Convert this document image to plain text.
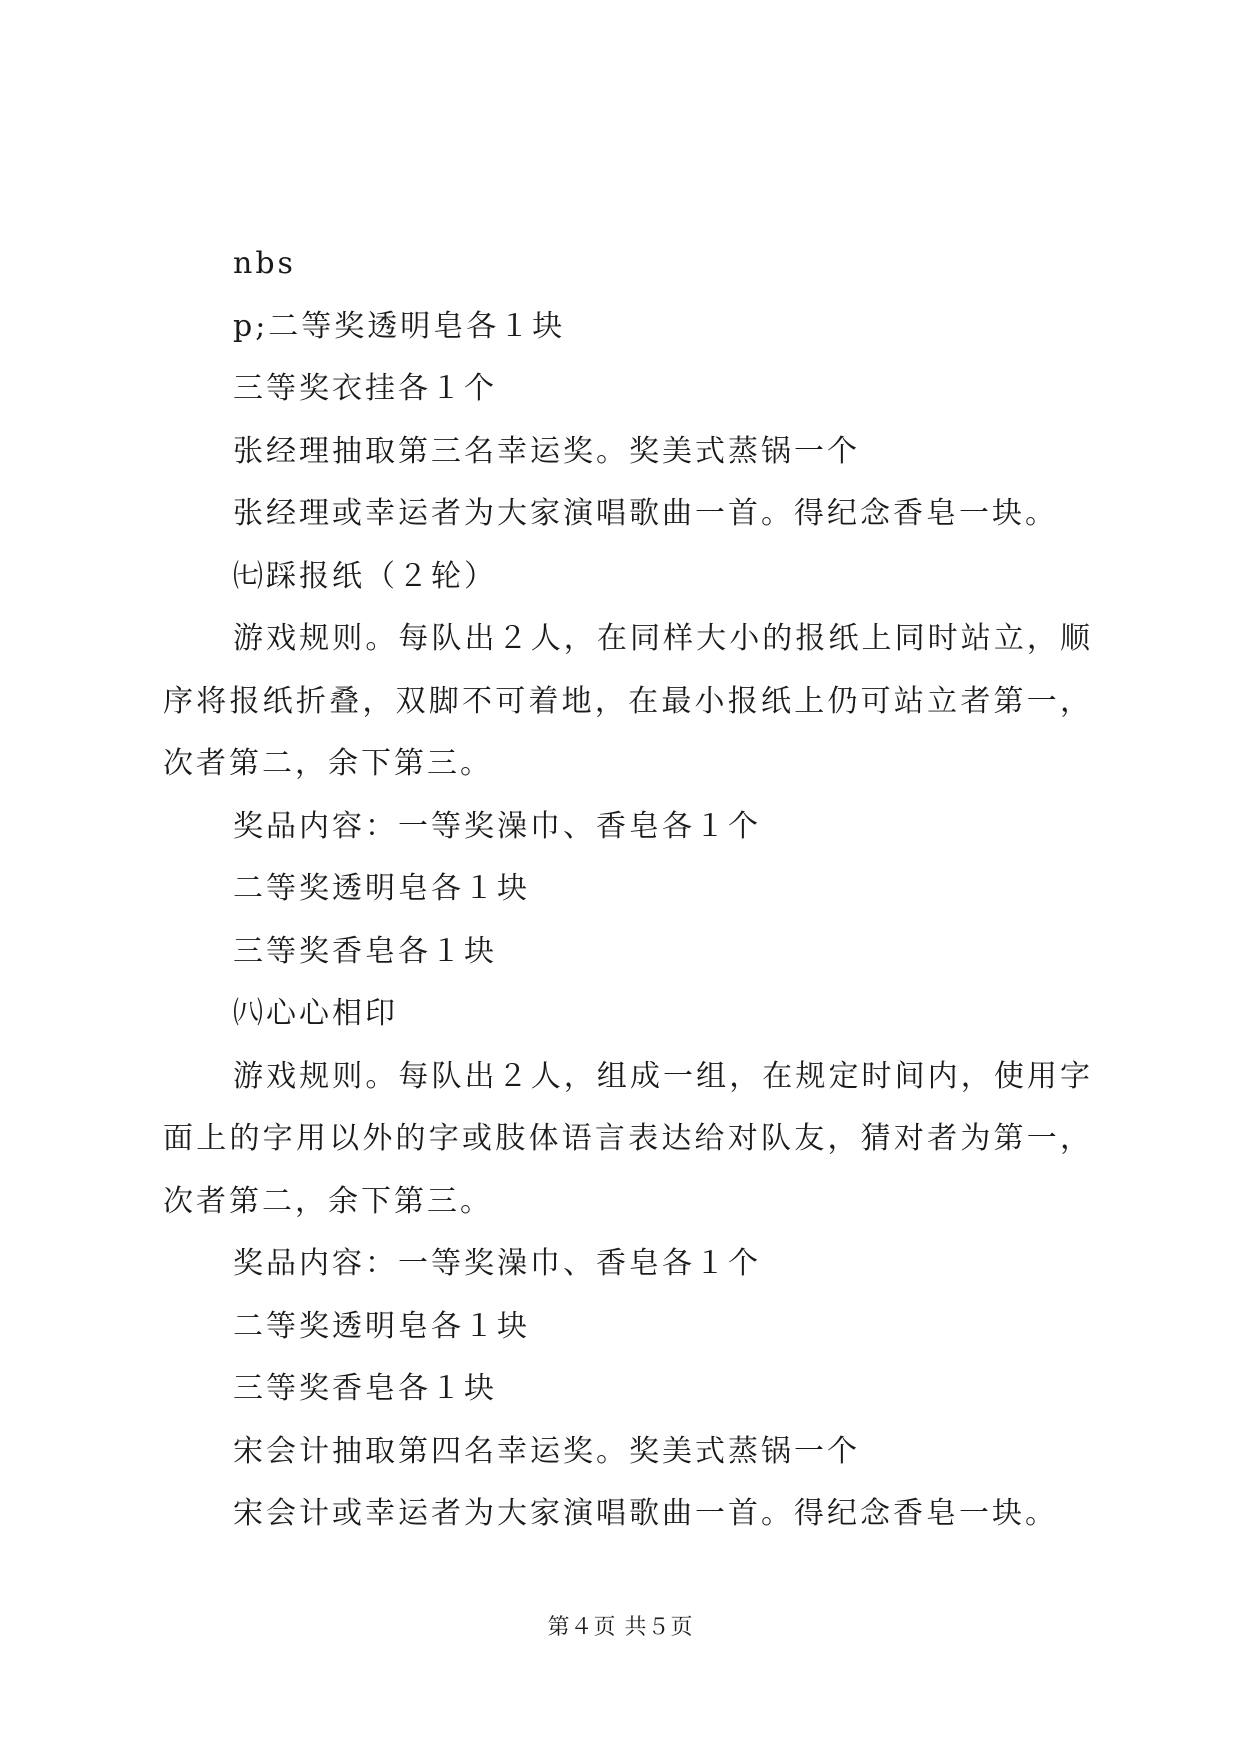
nbs
p;二等奖透明皂各１块
三等奖衣挂各１个
张经理抽取第三名幸运奖。奖美式蒸锅一个
张经理或幸运者为大家演唱歌曲一首。得纪念香皂一块。
㈦踩报纸（２轮）

游戏规则。每队出２人，在同样大小的报纸上同时站立，顺序将报纸折叠，双脚不可着地，在最小报纸上仍可站立者第一，次者第二，余下第三。

奖品内容：一等奖澡巾、香皂各１个
二等奖透明皂各１块
三等奖香皂各１块
㈧心心相印

游戏规则。每队出２人，组成一组，在规定时间内，使用字面上的字用以外的字或肢体语言表达给对队友，猜对者为第一，次者第二，余下第三。

奖品内容：一等奖澡巾、香皂各１个
二等奖透明皂各１块
三等奖香皂各１块
宋会计抽取第四名幸运奖。奖美式蒸锅一个
宋会计或幸运者为大家演唱歌曲一首。得纪念香皂一块。
第４页 共５页
